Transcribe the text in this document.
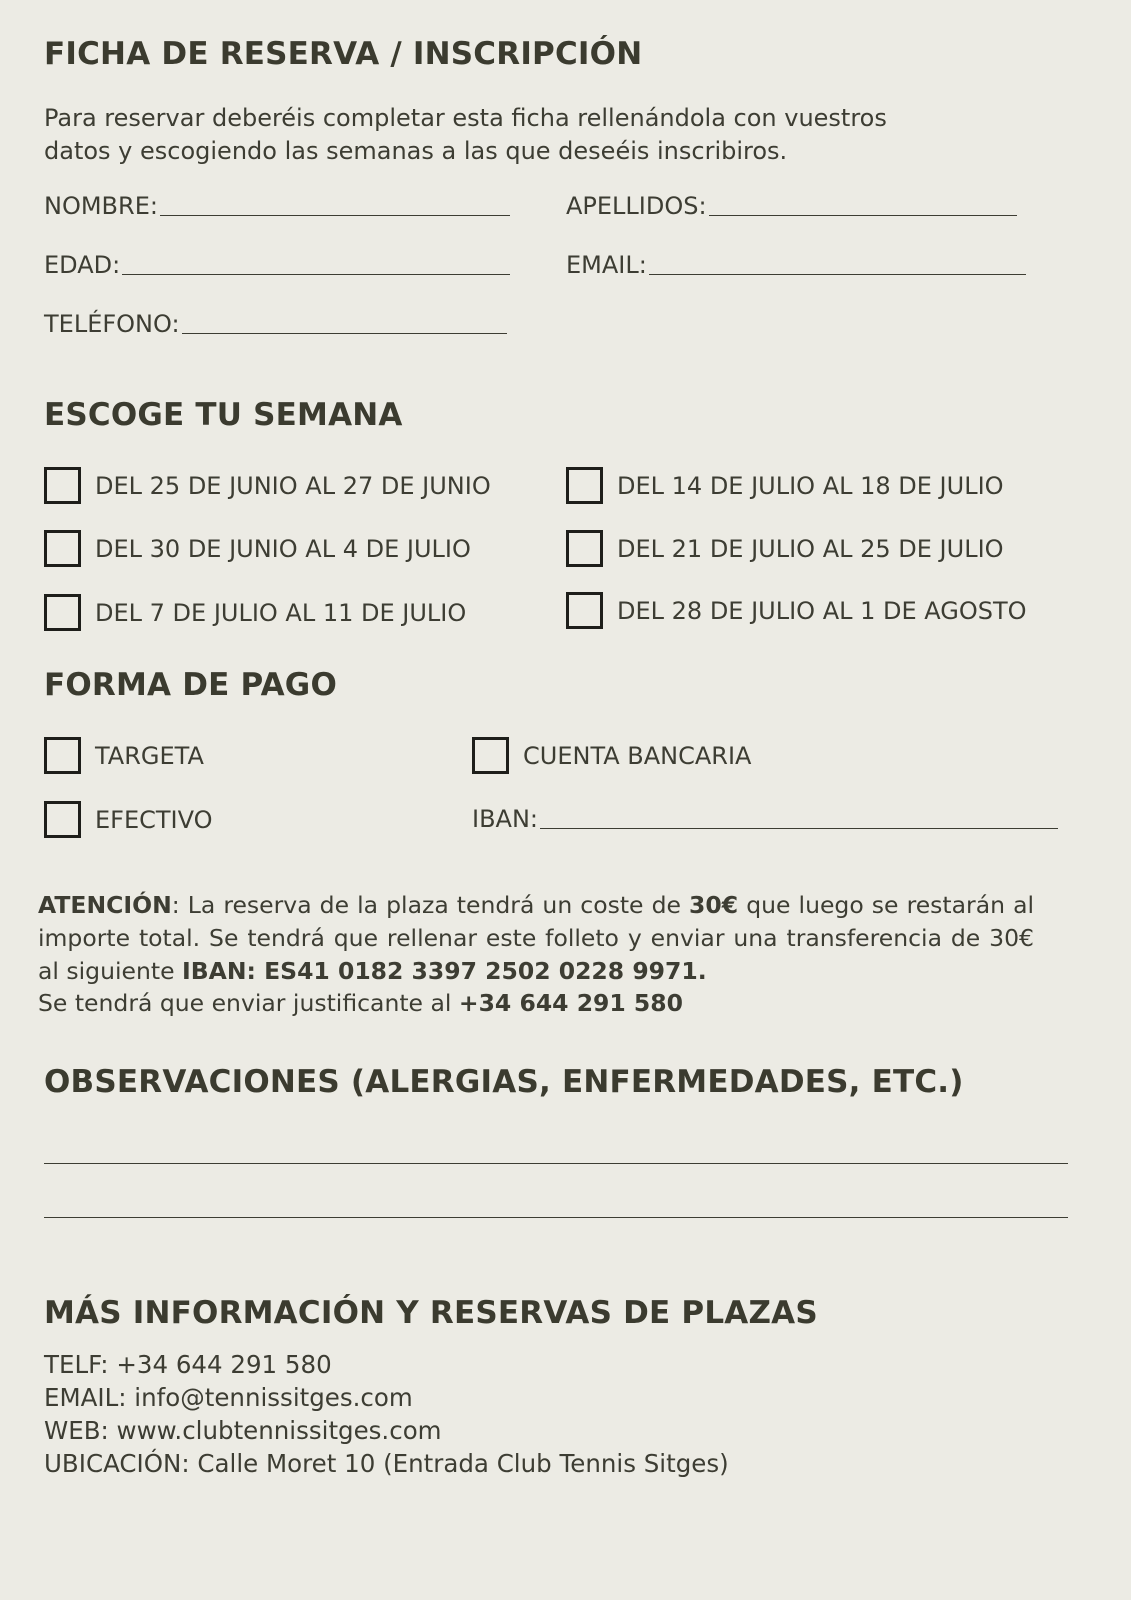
FICHA DE RESERVA / INSCRIPCIÓN
Para reservar deberéis completar esta ficha rellenándola con vuestros
datos y escogiendo las semanas a las que deseéis inscribiros.
NOMBRE:	APELLIDOS:
EDAD:	EMAIL:
TELÉFONO:
ESCOGE TU SEMANA
DEL 25 DE JUNIO AL 27 DE JUNIO
DEL 30 DE JUNIO AL 4 DE JULIO
DEL 7 DE JULIO AL 11 DE JULIO
DEL 14 DE JULIO AL 18 DE JULIO
DEL 21 DE JULIO AL 25 DE JULIO
DEL 28 DE JULIO AL 1 DE AGOSTO
FORMA DE PAGO
TARGETA
EFECTIVO
CUENTA BANCARIA
IBAN:
ATENCIÓN: La reserva de la plaza tendrá un coste de 30€ que luego se restarán al importe total. Se tendrá que rellenar este folleto y enviar una transferencia de 30€ al siguiente IBAN: ES41 0182 3397 2502 0228 9971.
Se tendrá que enviar justificante al +34 644 291 580
OBSERVACIONES (ALERGIAS, ENFERMEDADES, ETC.)
MÁS INFORMACIÓN Y RESERVAS DE PLAZAS
TELF: +34 644 291 580
EMAIL: info@tennissitges.com
WEB: www.clubtennissitges.com
UBICACIÓN: Calle Moret 10 (Entrada Club Tennis Sitges)
